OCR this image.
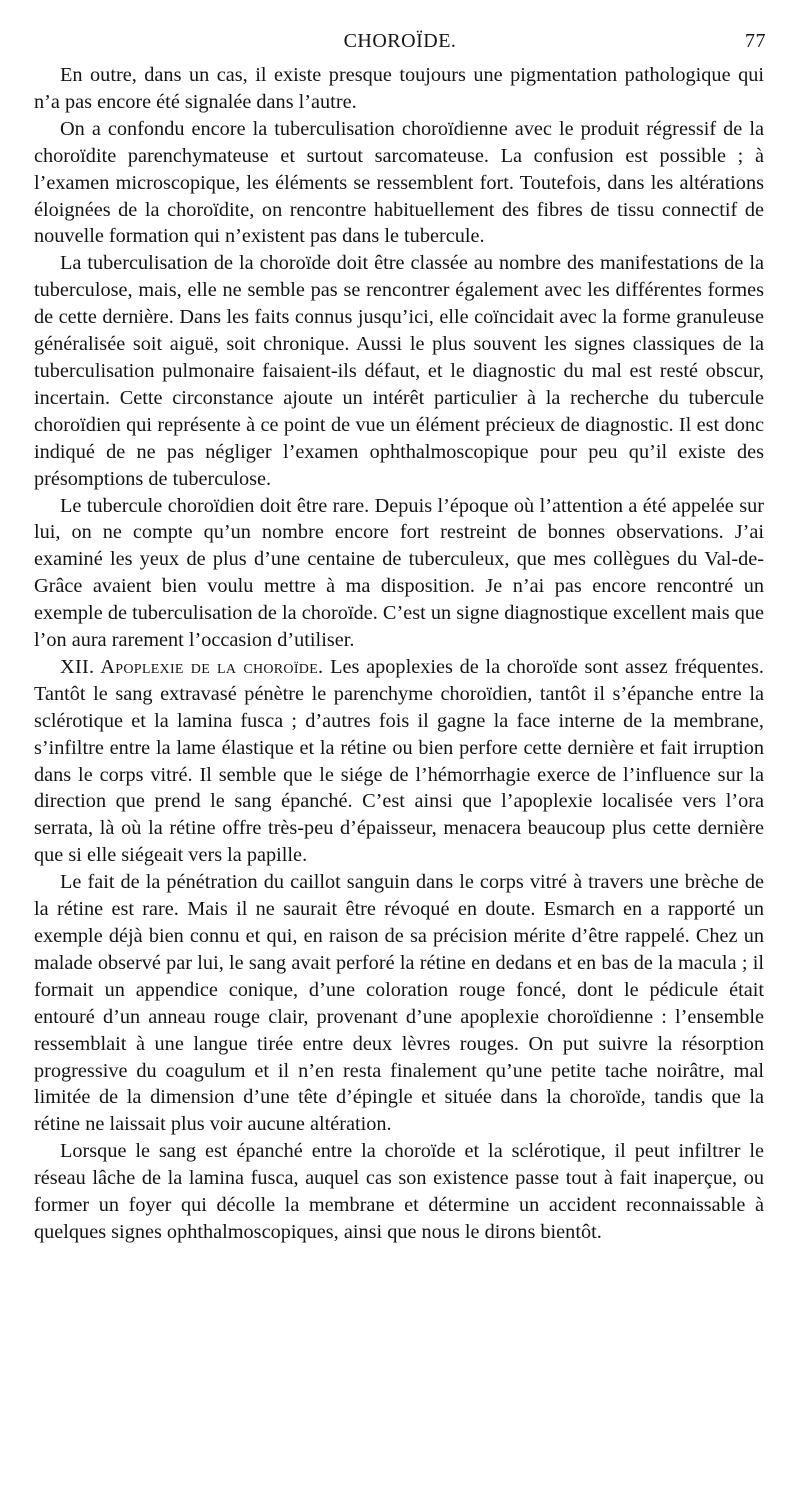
CHOROÏDE.	77

En outre, dans un cas, il existe presque toujours une pigmentation pathologique qui n’a pas encore été signalée dans l’autre.

On a confondu encore la tuberculisation choroïdienne avec le produit régressif de la choroïdite parenchymateuse et surtout sarcomateuse. La confusion est possible ; à l’examen microscopique, les éléments se ressemblent fort. Toutefois, dans les altérations éloignées de la choroïdite, on rencontre habituellement des fibres de tissu connectif de nouvelle formation qui n’existent pas dans le tubercule.

La tuberculisation de la choroïde doit être classée au nombre des manifestations de la tuberculose, mais, elle ne semble pas se rencontrer également avec les différentes formes de cette dernière. Dans les faits connus jusqu’ici, elle coïncidait avec la forme granuleuse généralisée soit aiguë, soit chronique. Aussi le plus souvent les signes classiques de la tuberculisation pulmonaire faisaient-ils défaut, et le diagnostic du mal est resté obscur, incertain. Cette circonstance ajoute un intérêt particulier à la recherche du tubercule choroïdien qui représente à ce point de vue un élément précieux de diagnostic. Il est donc indiqué de ne pas négliger l’examen ophthalmoscopique pour peu qu’il existe des présomptions de tuberculose.

Le tubercule choroïdien doit être rare. Depuis l’époque où l’attention a été appelée sur lui, on ne compte qu’un nombre encore fort restreint de bonnes observations. J’ai examiné les yeux de plus d’une centaine de tuberculeux, que mes collègues du Val-de-Grâce avaient bien voulu mettre à ma disposition. Je n’ai pas encore rencontré un exemple de tuberculisation de la choroïde. C’est un signe diagnostique excellent mais que l’on aura rarement l’occasion d’utiliser.

XII. Apoplexie de la choroïde. Les apoplexies de la choroïde sont assez fréquentes. Tantôt le sang extravasé pénètre le parenchyme choroïdien, tantôt il s’épanche entre la sclérotique et la lamina fusca ; d’autres fois il gagne la face interne de la membrane, s’infiltre entre la lame élastique et la rétine ou bien perfore cette dernière et fait irruption dans le corps vitré. Il semble que le siége de l’hémorrhagie exerce de l’influence sur la direction que prend le sang épanché. C’est ainsi que l’apoplexie localisée vers l’ora serrata, là où la rétine offre très-peu d’épaisseur, menacera beaucoup plus cette dernière que si elle siégeait vers la papille.

Le fait de la pénétration du caillot sanguin dans le corps vitré à travers une brèche de la rétine est rare. Mais il ne saurait être révoqué en doute. Esmarch en a rapporté un exemple déjà bien connu et qui, en raison de sa précision mérite d’être rappelé. Chez un malade observé par lui, le sang avait perforé la rétine en dedans et en bas de la macula ; il formait un appendice conique, d’une coloration rouge foncé, dont le pédicule était entouré d’un anneau rouge clair, provenant d’une apoplexie choroïdienne : l’ensemble ressemblait à une langue tirée entre deux lèvres rouges. On put suivre la résorption progressive du coagulum et il n’en resta finalement qu’une petite tache noirâtre, mal limitée de la dimension d’une tête d’épingle et située dans la choroïde, tandis que la rétine ne laissait plus voir aucune altération.

Lorsque le sang est épanché entre la choroïde et la sclérotique, il peut infiltrer le réseau lâche de la lamina fusca, auquel cas son existence passe tout à fait inaperçue, ou former un foyer qui décolle la membrane et détermine un accident reconnaissable à quelques signes ophthalmoscopiques, ainsi que nous le dirons bientôt.
